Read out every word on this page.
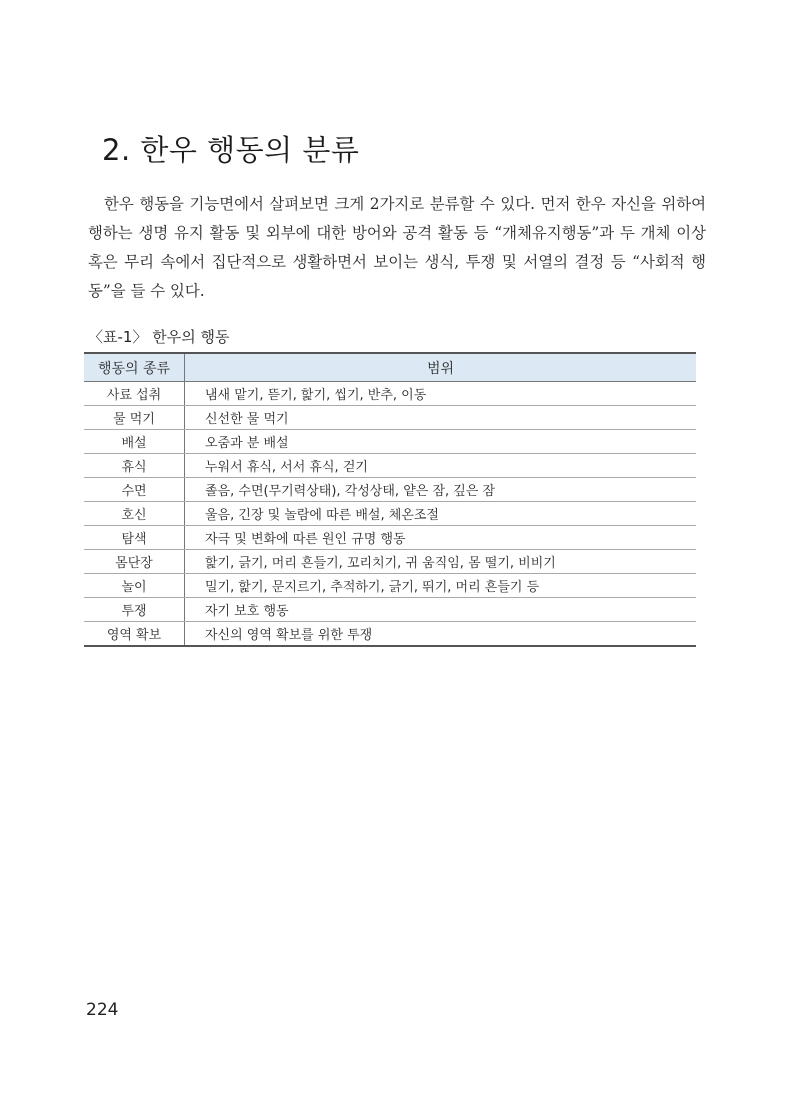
2. 한우 행동의 분류

한우 행동을 기능면에서 살펴보면 크게 2가지로 분류할 수 있다. 먼저 한우 자신을 위하여 행하는 생명 유지 활동 및 외부에 대한 방어와 공격 활동 등 “개체유지행동”과 두 개체 이상 혹은 무리 속에서 집단적으로 생활하면서 보이는 생식, 투쟁 및 서열의 결정 등 “사회적 행동”을 들 수 있다.

〈표-1〉 한우의 행동

행동의 종류	범위
사료 섭취	냄새 맡기, 뜯기, 핥기, 씹기, 반추, 이동
물 먹기	신선한 물 먹기
배설	오줌과 분 배설
휴식	누워서 휴식, 서서 휴식, 걷기
수면	졸음, 수면(무기력상태), 각성상태, 얕은 잠, 깊은 잠
호신	울음, 긴장 및 놀람에 따른 배설, 체온조절
탐색	자극 및 변화에 따른 원인 규명 행동
몸단장	핥기, 긁기, 머리 흔들기, 꼬리치기, 귀 움직임, 몸 떨기, 비비기
놀이	밀기, 핥기, 문지르기, 추적하기, 긁기, 뛰기, 머리 흔들기 등
투쟁	자기 보호 행동
영역 확보	자신의 영역 확보를 위한 투쟁

224
